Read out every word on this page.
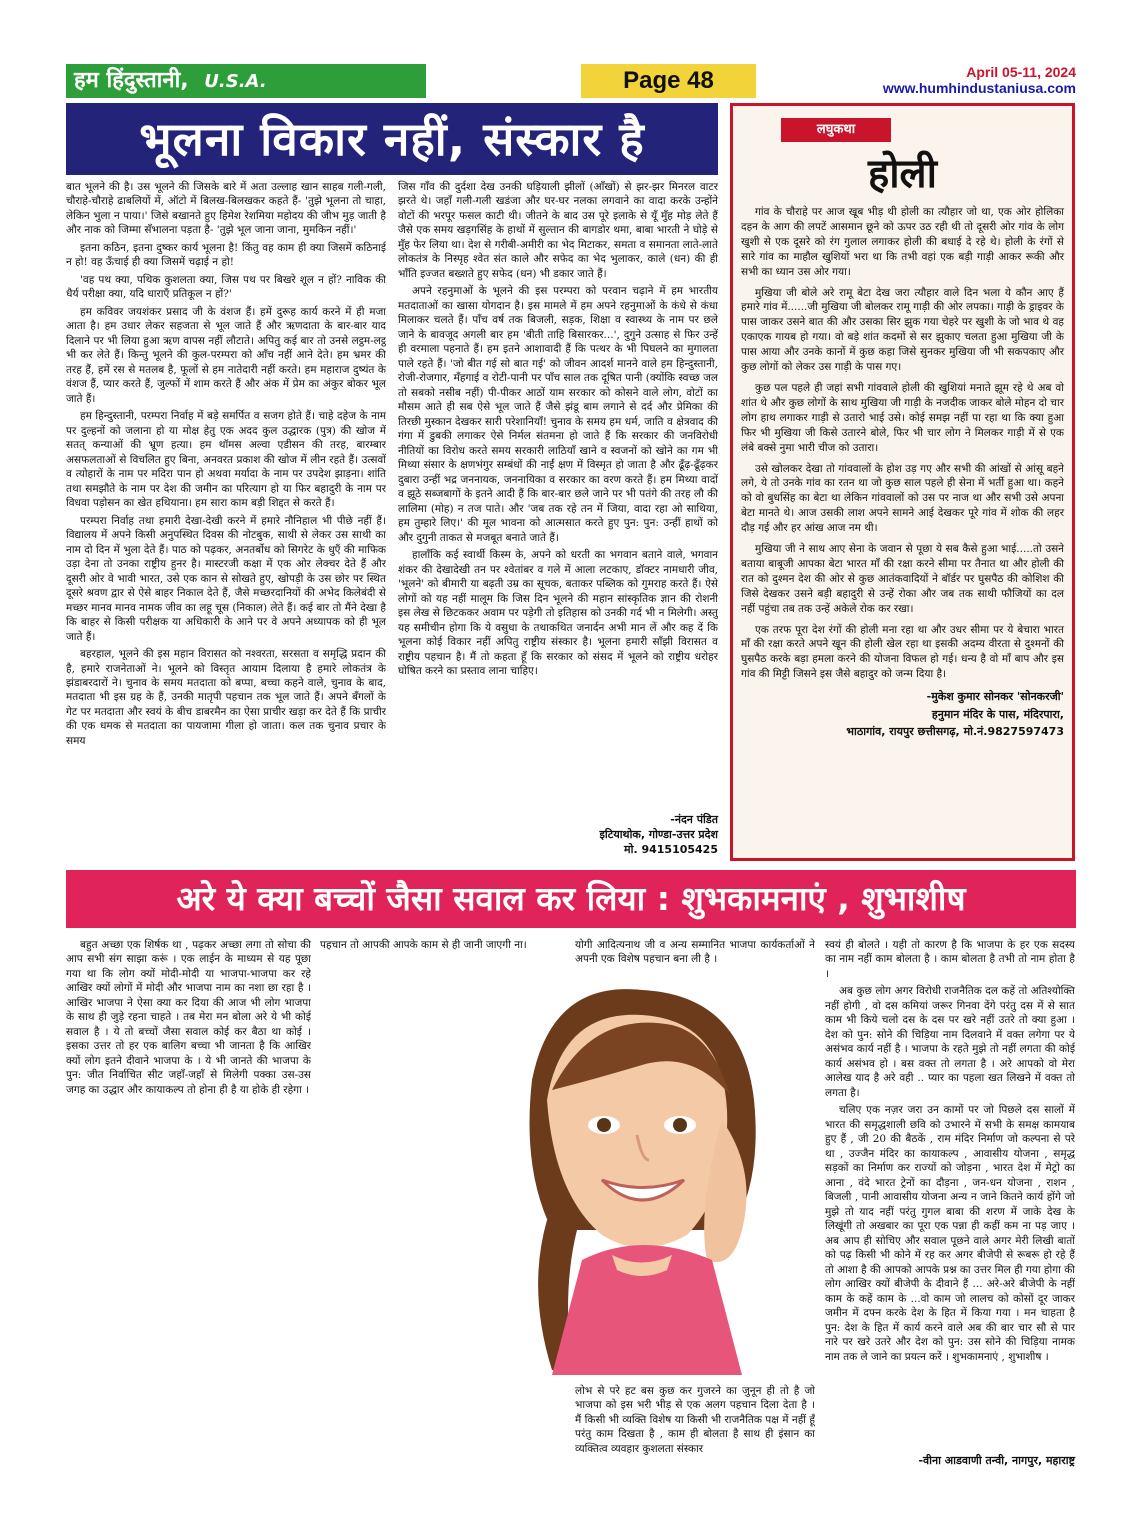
हम हिंदुस्तानी, U.S.A.	Page 48	April 05-11, 2024
www.humhindustaniusa.com
भूलना विकार नहीं, संस्कार है

बात भूलने की है। उस भूलने की जिसके बारे में अता उल्लाह खान साहब गली-गली, चौराहे-चौराहे ढाबलियों में, ऑटो में बिलख-बिलखकर कहते हैं- 'तुझे भूलना तो चाहा, लेकिन भुला न पाया।' जिसे बखानते हुए हिमेश रेशमिया महोदय की जीभ मुड़ जाती है और नाक को जिम्मा सँभालना पड़ता है- 'तुझे भूल जाना जाना, मुमकिन नहीं।'

इतना कठिन, इतना दुष्कर कार्य भूलना है! किंतु वह काम ही क्या जिसमें कठिनाई न हो! वह ऊँचाई ही क्या जिसमें चढ़ाई न हो!

'वह पथ क्या, पथिक कुशलता क्या, जिस पथ पर बिखरे शूल न हों? नाविक की धैर्य परीक्षा क्या, यदि धाराएँ प्रतिकूल न हों?'

हम कविवर जयशंकर प्रसाद जी के वंशज हैं। हमें दुरूह कार्य करने में ही मजा आता है। हम उधार लेकर सहजता से भूल जाते हैं और ऋणदाता के बार-बार याद दिलाने पर भी लिया हुआ ऋण वापस नहीं लौटाते। अपितु कई बार तो उनसे लट्ठम-लट्ठ भी कर लेते हैं। किन्तु भूलने की कुल-परम्परा को आँच नहीं आने देते। हम भ्रमर की तरह हैं, हमें रस से मतलब है, फूलों से हम नातेदारी नहीं करते। हम महाराज दुष्यंत के वंशज हैं, प्यार करते हैं, जुल्फों में शाम करते हैं और अंक में प्रेम का अंकुर बोकर भूल जाते हैं।

हम हिन्दुस्तानी, परम्परा निर्वाह में बड़े समर्पित व सजग होते हैं। चाहे दहेज के नाम पर दुल्हनों को जलाना हो या मोक्ष हेतु एक अदद कुल उद्धारक (पुत्र) की खोज में सतत् कन्याओं की भ्रूण हत्या। हम थॉमस अल्वा एडीसन की तरह, बारम्बार असफलताओं से विचलित हुए बिना, अनवरत प्रकाश की खोज में लीन रहते हैं। उत्सवों व त्योहारों के नाम पर मदिरा पान हो अथवा मर्यादा के नाम पर उपदेश झाड़ना। शांति तथा समझौते के नाम पर देश की जमीन का परित्याग हो या फिर बहादुरी के नाम पर विधवा पड़ोसन का खेत हथियाना। हम सारा काम बड़ी शिद्दत से करते हैं।

परम्परा निर्वाह तथा हमारी देखा-देखी करने में हमारे नौनिहाल भी पीछे नहीं हैं। विद्यालय में अपने किसी अनुपस्थित दिवस की नोटबुक, साथी से लेकर उस साथी का नाम दो दिन में भुला देते हैं। पाठ को पढ़कर, अनतर्बोध को सिगरेट के धुएँ की माफिक उड़ा देना तो उनका राष्ट्रीय हुनर है। मास्टरजी कक्षा में एक ओर लेक्चर देते हैं और दूसरी ओर वे भावी भारत, उसे एक कान से सोखते हुए, खोपड़ी के उस छोर पर स्थित दूसरे श्रवण द्वार से ऐसे बाहर निकाल देते हैं, जैसे मच्छरदानियों की अभेद किलेबंदी से मच्छर मानव मानव नामक जीव का लहू चूस (निकाल) लेते हैं। कई बार तो मैंने देखा है कि बाहर से किसी परीक्षक या अधिकारी के आने पर वे अपने अध्यापक को ही भूल जाते हैं।

बहरहाल, भूलने की इस महान विरासत को नश्वरता, सरसता व समृद्धि प्रदान की है, हमारे राजनेताओं ने। भूलने को विस्तृत आयाम दिलाया है हमारे लोकतंत्र के झंडाबरदारों ने। चुनाव के समय मतदाता को बप्पा, बच्चा कहने वाले, चुनाव के बाद, मतदाता भी इस ग्रह के हैं, उनकी मातृपी पहचान तक भूल जाते हैं। अपने बँगलों के गेट पर मतदाता और स्वयं के बीच डाबरमैन का ऐसा प्राचीर खड़ा कर देते हैं कि प्राचीर की एक धमक से मतदाता का पायजामा गीला हो जाता। कल तक चुनाव प्रचार के समय

जिस गाँव की दुर्दशा देख उनकी घड़ियाली झीलों (आँखों) से झर-झर मिनरल वाटर झरते थे। जहाँ गली-गली खडंजा और घर-घर नलका लगवाने का वादा करके उन्होंने वोटों की भरपूर फसल काटी थी। जीतने के बाद उस पूरे इलाके से यूँ मुँह मोड़ लेते हैं जैसे एक समय खड़गसिंह के हाथों में सुल्तान की बागडोर थमा, बाबा भारती ने घोड़े से मुँह फेर लिया था। देश से गरीबी-अमीरी का भेद मिटाकर, समता व समानता लाते-लाते लोकतंत्र के निस्पृह श्वेत संत काले और सफेद का भेद भुलाकर, काले (धन) की ही भाँति इज्जत बख्शते हुए सफेद (धन) भी डकार जाते हैं।

अपने रहनुमाओं के भूलने की इस परम्परा को परवान चढ़ाने में हम भारतीय मतदाताओं का खासा योगदान है। इस मामले में हम अपने रहनुमाओं के कंधे से कंधा मिलाकर चलते हैं। पाँच वर्ष तक बिजली, सड़क, शिक्षा व स्वास्थ्य के नाम पर छले जाने के बावजूद अगली बार हम 'बीती ताहि बिसारकर...', दुगुने उत्साह से फिर उन्हें ही वरमाला पहनाते हैं। हम इतने आशावादी हैं कि पत्थर के भी पिघलने का मुगालता पाले रहते हैं। 'जो बीत गई सो बात गई' को जीवन आदर्श मानने वाले हम हिन्दुस्तानी, रोजी-रोजगार, मँहगाई व रोटी-पानी पर पाँच साल तक दूषित पानी (क्योंकि स्वच्छ जल तो सबको नसीब नहीं) पी-पीकर आठों याम सरकार को कोसने वाले लोग, वोटों का मौसम आते ही सब ऐसे भूल जाते हैं जैसे झंडू बाम लगाने से दर्द और प्रेमिका की तिरछी मुस्कान देखकर सारी परेशानियाँ! चुनाव के समय हम धर्म, जाति व क्षेत्रवाद की गंगा में डुबकी लगाकर ऐसे निर्मल संतमना हो जाते हैं कि सरकार की जनविरोधी नीतियों का विरोध करते समय सरकारी लाठियाँ खाने व स्वजनों को खोने का गम भी मिथ्या संसार के क्षणभंगुर सम्बंधों की नाईं क्षण में विस्मृत हो जाता है और ढूँढ़-ढूँढ़कर दुबारा उन्हीं भद्र जननायक, जननायिका व सरकार का वरण करते हैं। हम मिथ्या वादों व झूठे सब्जबागों के इतने आदी हैं कि बार-बार छले जाने पर भी पतंगे की तरह लौ की लालिमा (मोह) न तज पाते। और 'जब तक रहे तन में जिया, वादा रहा ओ साथिया, हम तुम्हारे लिए।' की मूल भावना को आत्मसात करते हुए पुन: पुन: उन्हीं हाथों को और दुगुनी ताकत से मजबूत बनाते जाते हैं।

हालाँकि कई स्वार्थी किस्म के, अपने को धरती का भगवान बताने वाले, भगवान शंकर की देखादेखी तन पर श्वेतांबर व गले में आला लटकाए, डॉक्टर नामधारी जीव, 'भूलने' को बीमारी या बढ़ती उम्र का सूचक, बताकर पब्लिक को गुमराह करते हैं। ऐसे लोगों को यह नहीं मालूम कि जिस दिन भूलने की महान सांस्कृतिक ज्ञान की रोशनी इस लेख से छिटककर अवाम पर पड़ेगी तो इतिहास को उनकी गर्द भी न मिलेगी। अस्तु यह समीचीन होगा कि ये वसुधा के तथाकथित जनार्दन अभी मान लें और कह दें कि भूलना कोई विकार नहीं अपितु राष्ट्रीय संस्कार है। भूलना हमारी साँझी विरासत व राष्ट्रीय पहचान है। मैं तो कहता हूँ कि सरकार को संसद में भूलने को राष्ट्रीय धरोहर घोषित करने का प्रस्ताव लाना चाहिए।

-नंदन पंडित
इटियाथोक, गोण्डा-उत्तर प्रदेश
मो. 9415105425
लघुकथा
होली

गांव के चौराहे पर आज खूब भीड़ थी होली का त्यौहार जो था, एक ओर होलिका दहन के आग की लपटें आसमान छूने को ऊपर उठ रही थी तो दूसरी ओर गांव के लोग खुशी से एक दूसरे को रंग गुलाल लगाकर होली की बधाई दे रहे थे। होली के रंगों से सारे गांव का माहौल खुशियों भरा था कि तभी वहां एक बड़ी गाड़ी आकर रूकी और सभी का ध्यान उस ओर गया।

मुखिया जी बोले अरे रामू बेटा देख जरा त्यौहार वाले दिन भला ये कौन आए हैं हमारे गांव में......जी मुखिया जी बोलकर रामू गाड़ी की ओर लपका। गाड़ी के ड्राइवर के पास जाकर उसने बात की और उसका सिर झुक गया चेहरे पर खुशी के जो भाव थे वह एकाएक गायब हो गया। वो बड़े शांत कदमों से सर झुकाए चलता हुआ मुखिया जी के पास आया और उनके कानों में कुछ कहा जिसे सुनकर मुखिया जी भी सकपकाए और कुछ लोगों को लेकर उस गाड़ी के पास गए।

कुछ पल पहले ही जहां सभी गांववाले होली की खुशियां मनाते झूम रहे थे अब वो शांत थे और कुछ लोगों के साथ मुखिया जी गाड़ी के नजदीक जाकर बोले मोहन दो चार लोग हाथ लगाकर गाड़ी से उतारो भाई उसे। कोई समझ नहीं पा रहा था कि क्या हुआ फिर भी मुखिया जी किसे उतारने बोले, फिर भी चार लोग ने मिलकर गाड़ी में से एक लंबे बक्से नुमा भारी चीज को उतारा।

उसे खोलकर देखा तो गांववालों के होश उड़ गए और सभी की आंखों से आंसू बहने लगे, ये तो उनके गांव का रतन था जो कुछ साल पहले ही सेना में भर्ती हुआ था। कहने को वो बुधसिंह का बेटा था लेकिन गांववालों को उस पर नाज था और सभी उसे अपना बेटा मानते थे। आज उसकी लाश अपने सामने आई देखकर पूरे गांव में शोक की लहर दौड़ गई और हर आंख आज नम थी।

मुखिया जी ने साथ आए सेना के जवान से पूछा ये सब कैसे हुआ भाई.....तो उसने बताया बाबूजी आपका बेटा भारत माँ की रक्षा करने सीमा पर तैनात था और होली की रात को दुश्मन देश की ओर से कुछ आतंकवादियों ने बॉर्डर पर घुसपैठ की कोशिश की जिसे देखकर उसने बड़ी बहादुरी से उन्हें रोका और जब तक साथी फौजियों का दल नहीं पहुंचा तब तक उन्हें अकेले रोक कर रखा।

एक तरफ पूरा देश रंगों की होली मना रहा था और उधर सीमा पर ये बेचारा भारत माँ की रक्षा करते अपने खून की होली खेल रहा था इसकी अदम्य वीरता से दुश्मनों की घुसपैठ करके बड़ा हमला करने की योजना विफल हो गई। धन्य है वो माँ बाप और इस गांव की मिट्टी जिसने इस जैसे बहादुर को जन्म दिया है।

-मुकेश कुमार सोनकर 'सोनकरजी'
हनुमान मंदिर के पास, मंदिरपारा,
भाठागांव, रायपुर छत्तीसगढ़, मो.नं.9827597473
अरे ये क्या बच्चों जैसा सवाल कर लिया : शुभकामनाएं , शुभाशीष

बहुत अच्छा एक शिर्षक था , पढ़कर अच्छा लगा तो सोचा की आप सभी संग साझा करूं । एक लाईन के माध्यम से यह पूछा गया था कि लोग क्यों मोदी-मोदी या भाजपा-भाजपा कर रहे आखिर क्यों लोगों में मोदी और भाजपा नाम का नशा छा रहा है । आखिर भाजपा ने ऐसा क्या कर दिया की आज भी लोग भाजपा के साथ ही जुड़े रहना चाहते । तब मेरा मन बोला अरे ये भी कोई सवाल है । ये तो बच्चों जैसा सवाल कोई कर बैठा था कोई । इसका उत्तर तो हर एक बालिग बच्चा भी जानता है कि आखिर क्यों लोग इतने दीवाने भाजपा के । ये भी जानते की भाजपा के पुन: जीत निर्वाचित सीट जहाँ-जहाँ से मिलेगी पक्का उस-उस जगह का उद्धार और कायाकल्प तो होना ही है या होके ही रहेगा ।

पहचान तो आपकी आपके काम से ही जानी जाएगी ना।	योगी आदित्यनाथ जी व अन्य सम्मानित भाजपा कार्यकर्ताओं ने अपनी एक विशेष पहचान बना ली है ।

लोभ से परे हट बस कुछ कर गुजरने का जुनून ही तो है जो भाजपा को इस भरी भीड़ से एक अलग पहचान दिला देता है । मैं किसी भी व्यक्ति विशेष या किसी भी राजनैतिक पक्ष में नहीं हूँ परंतु काम दिखता है , काम ही बोलता है साथ ही इंसान का व्यक्तित्व व्यवहार कुशलता संस्कार

स्वयं ही बोलते । यही तो कारण है कि भाजपा के हर एक सदस्य का नाम नहीं काम बोलता है । काम बोलता है तभी तो नाम होता है ।

अब कुछ लोग अगर विरोधी राजनैतिक दल कहें तो अतिश्योक्ति नहीं होगी , वो दस कमियां जरूर गिनवा देंगे परंतु दस में से सात काम भी किये चलो दस के दस पर खरे नहीं उतरे तो क्या हुआ । देश को पुन: सोने की चिड़िया नाम दिलवाने में वक्त लगेगा पर ये असंभव कार्य नहीं है । भाजपा के रहते मुझे तो नहीं लगता की कोई कार्य असंभव हो । बस वक्त तो लगता है । अरे आपको वो मेरा आलेख याद है अरे वही .. प्यार का पहला खत लिखने में वक्त तो लगता है।

चलिए एक नज़र जरा उन कामों पर जो पिछले दस सालों में भारत की समृद्धशाली छवि को उभारने में सभी के समक्ष कामयाब हुए हैं , जी 20 की बैठकें , राम मंदिर निर्माण जो कल्पना से परे था , उज्जैन मंदिर का कायाकल्प , आवासीय योजना , समृद्ध सड़कों का निर्माण कर राज्यों को जोड़ना , भारत देश में मेट्रो का आना , वंदे भारत ट्रेनों का दौड़ना , जन-धन योजना , राशन , बिजली , पानी आवासीय योजना अन्य न जाने कितने कार्य होंगे जो मुझे तो याद नहीं परंतु गुगल बाबा की शरण में जाके देख के लिखूंगी तो अखबार का पूरा एक पन्ना ही कहीं कम ना पड़ जाए । अब आप ही सोचिए और सवाल पूछने वाले अगर मेरी लिखी बातों को पढ़ किसी भी कोने में रह कर अगर बीजेपी से रूबरू हो रहे हैं तो आशा है की आपको आपके प्रश्न का उत्तर मिल ही गया होगा की लोग आखिर क्यों बीजेपी के दीवाने हैं ... अरे-अरे बीजेपी के नहीं काम के कहें काम के ...वो काम जो लालच को कोसों दूर जाकर जमीन में दफ्न करके देश के हित में किया गया । मन चाहता है पुन: देश के हित में कार्य करने वाले अब की बार चार सौ से पार नारे पर खरे उतरे और देश को पुन: उस सोने की चिड़िया नामक नाम तक ले जाने का प्रयत्न करें । शुभकामनाएं , शुभाशीष ।

-वीना आडवाणी तन्वी, नागपुर, महाराष्ट्र
